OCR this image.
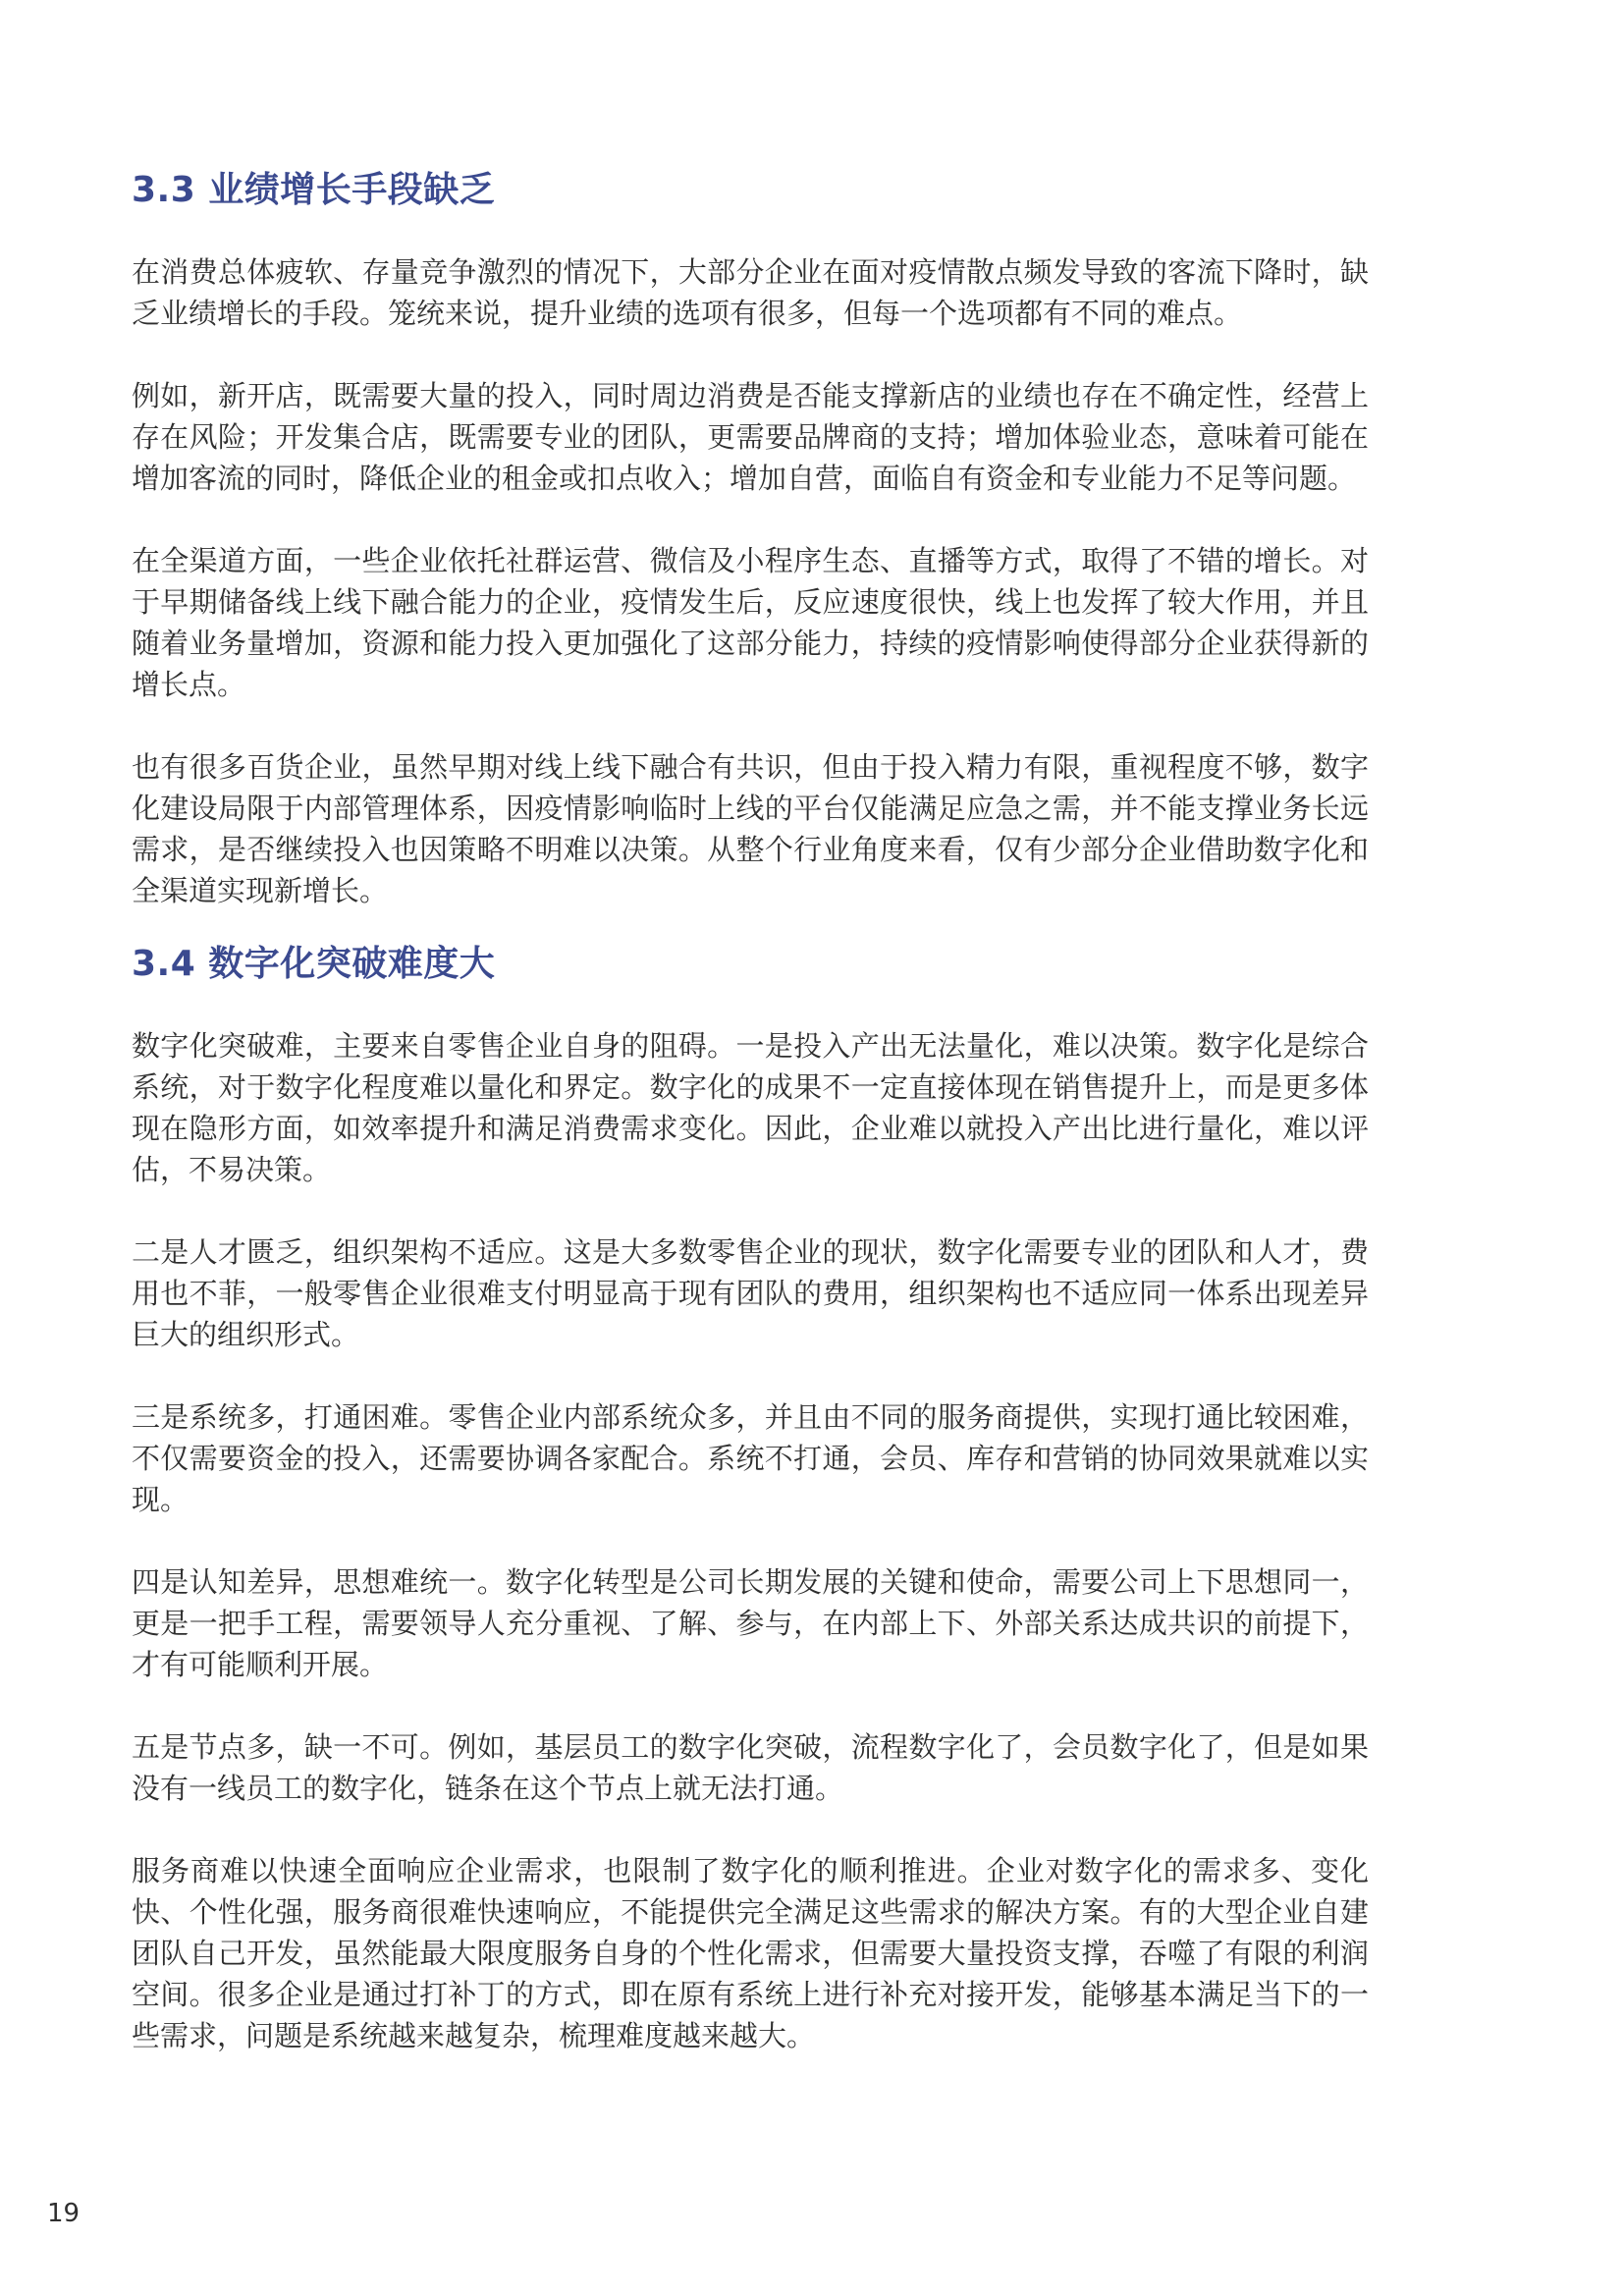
3.3 业绩增长手段缺乏

在消费总体疲软、存量竞争激烈的情况下，大部分企业在面对疫情散点频发导致的客流下降时，缺乏业绩增长的手段。笼统来说，提升业绩的选项有很多，但每一个选项都有不同的难点。

例如，新开店，既需要大量的投入，同时周边消费是否能支撑新店的业绩也存在不确定性，经营上存在风险；开发集合店，既需要专业的团队，更需要品牌商的支持；增加体验业态，意味着可能在增加客流的同时，降低企业的租金或扣点收入；增加自营，面临自有资金和专业能力不足等问题。

在全渠道方面，一些企业依托社群运营、微信及小程序生态、直播等方式，取得了不错的增长。对于早期储备线上线下融合能力的企业，疫情发生后，反应速度很快，线上也发挥了较大作用，并且随着业务量增加，资源和能力投入更加强化了这部分能力，持续的疫情影响使得部分企业获得新的增长点。

也有很多百货企业，虽然早期对线上线下融合有共识，但由于投入精力有限，重视程度不够，数字化建设局限于内部管理体系，因疫情影响临时上线的平台仅能满足应急之需，并不能支撑业务长远需求，是否继续投入也因策略不明难以决策。从整个行业角度来看，仅有少部分企业借助数字化和全渠道实现新增长。

3.4 数字化突破难度大

数字化突破难，主要来自零售企业自身的阻碍。一是投入产出无法量化，难以决策。数字化是综合系统，对于数字化程度难以量化和界定。数字化的成果不一定直接体现在销售提升上，而是更多体现在隐形方面，如效率提升和满足消费需求变化。因此，企业难以就投入产出比进行量化，难以评估，不易决策。

二是人才匮乏，组织架构不适应。这是大多数零售企业的现状，数字化需要专业的团队和人才，费用也不菲，一般零售企业很难支付明显高于现有团队的费用，组织架构也不适应同一体系出现差异巨大的组织形式。

三是系统多，打通困难。零售企业内部系统众多，并且由不同的服务商提供，实现打通比较困难，不仅需要资金的投入，还需要协调各家配合。系统不打通，会员、库存和营销的协同效果就难以实现。

四是认知差异，思想难统一。数字化转型是公司长期发展的关键和使命，需要公司上下思想同一，更是一把手工程，需要领导人充分重视、了解、参与，在内部上下、外部关系达成共识的前提下，才有可能顺利开展。

五是节点多，缺一不可。例如，基层员工的数字化突破，流程数字化了，会员数字化了，但是如果没有一线员工的数字化，链条在这个节点上就无法打通。

服务商难以快速全面响应企业需求，也限制了数字化的顺利推进。企业对数字化的需求多、变化快、个性化强，服务商很难快速响应，不能提供完全满足这些需求的解决方案。有的大型企业自建团队自己开发，虽然能最大限度服务自身的个性化需求，但需要大量投资支撑，吞噬了有限的利润空间。很多企业是通过打补丁的方式，即在原有系统上进行补充对接开发，能够基本满足当下的一些需求，问题是系统越来越复杂，梳理难度越来越大。

19
